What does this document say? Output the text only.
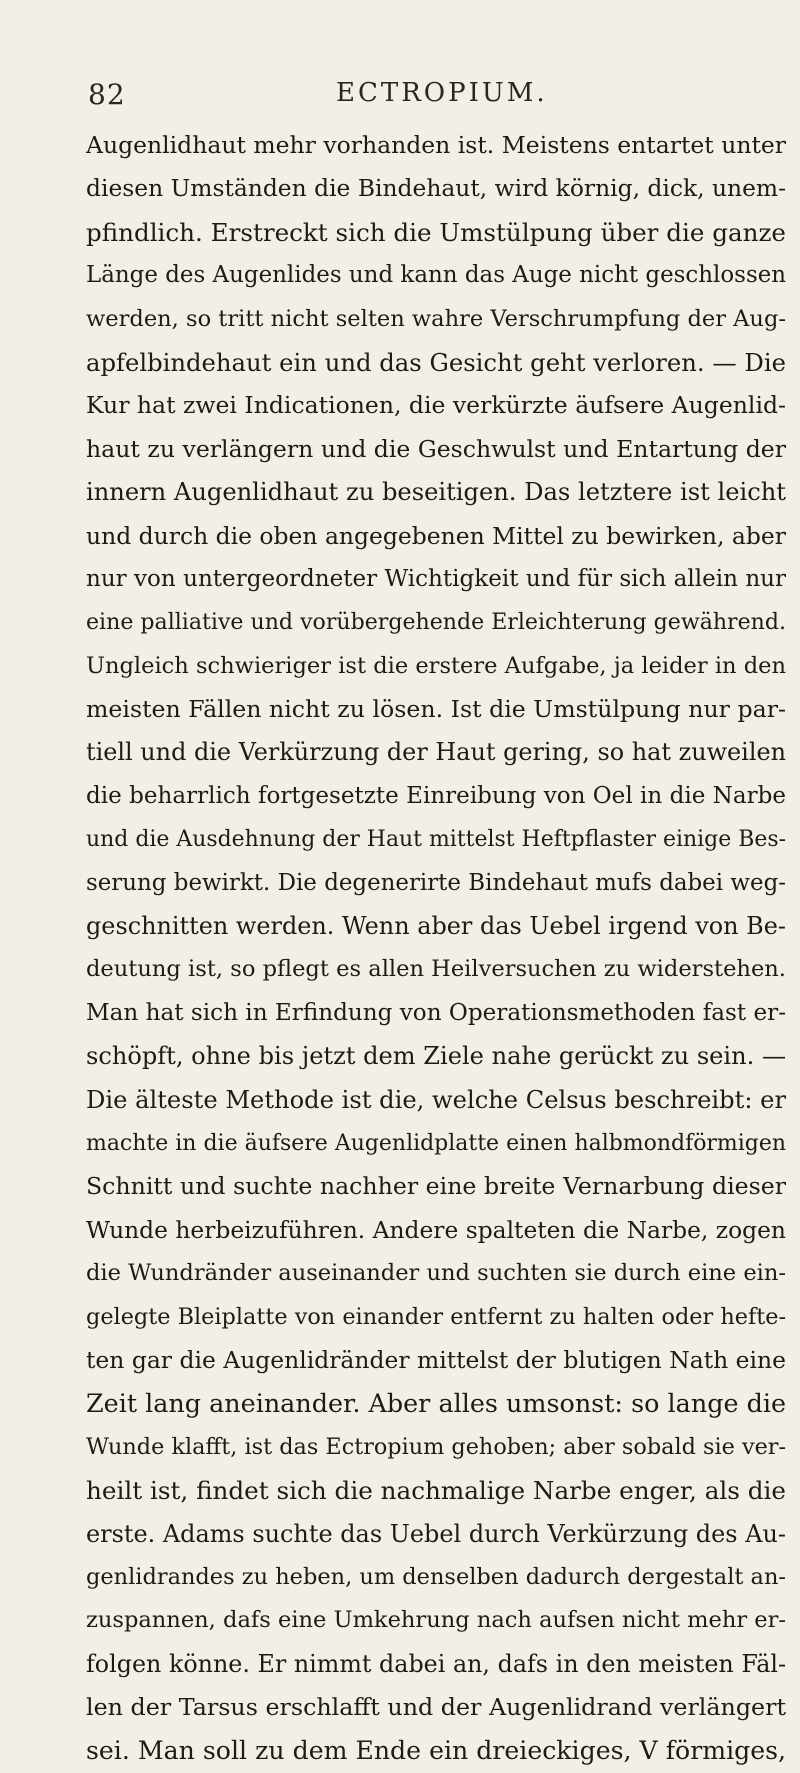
82	ECTROPIUM.
Augenlidhaut mehr vorhanden ist. Meistens entartet unter
diesen Umständen die Bindehaut, wird körnig, dick, unem-
pfindlich. Erstreckt sich die Umstülpung über die ganze
Länge des Augenlides und kann das Auge nicht geschlossen
werden, so tritt nicht selten wahre Verschrumpfung der Aug-
apfelbindehaut ein und das Gesicht geht verloren. — Die
Kur hat zwei Indicationen, die verkürzte äufsere Augenlid-
haut zu verlängern und die Geschwulst und Entartung der
innern Augenlidhaut zu beseitigen. Das letztere ist leicht
und durch die oben angegebenen Mittel zu bewirken, aber
nur von untergeordneter Wichtigkeit und für sich allein nur
eine palliative und vorübergehende Erleichterung gewährend.
Ungleich schwieriger ist die erstere Aufgabe, ja leider in den
meisten Fällen nicht zu lösen. Ist die Umstülpung nur par-
tiell und die Verkürzung der Haut gering, so hat zuweilen
die beharrlich fortgesetzte Einreibung von Oel in die Narbe
und die Ausdehnung der Haut mittelst Heftpflaster einige Bes-
serung bewirkt. Die degenerirte Bindehaut mufs dabei weg-
geschnitten werden. Wenn aber das Uebel irgend von Be-
deutung ist, so pflegt es allen Heilversuchen zu widerstehen.
Man hat sich in Erfindung von Operationsmethoden fast er-
schöpft, ohne bis jetzt dem Ziele nahe gerückt zu sein. —
Die älteste Methode ist die, welche Celsus beschreibt: er
machte in die äufsere Augenlidplatte einen halbmondförmigen
Schnitt und suchte nachher eine breite Vernarbung dieser
Wunde herbeizuführen. Andere spalteten die Narbe, zogen
die Wundränder auseinander und suchten sie durch eine ein-
gelegte Bleiplatte von einander entfernt zu halten oder hefte-
ten gar die Augenlidränder mittelst der blutigen Nath eine
Zeit lang aneinander. Aber alles umsonst: so lange die
Wunde klafft, ist das Ectropium gehoben; aber sobald sie ver-
heilt ist, findet sich die nachmalige Narbe enger, als die
erste. Adams suchte das Uebel durch Verkürzung des Au-
genlidrandes zu heben, um denselben dadurch dergestalt an-
zuspannen, dafs eine Umkehrung nach aufsen nicht mehr er-
folgen könne. Er nimmt dabei an, dafs in den meisten Fäl-
len der Tarsus erschlafft und der Augenlidrand verlängert
sei. Man soll zu dem Ende ein dreieckiges, V förmiges,
